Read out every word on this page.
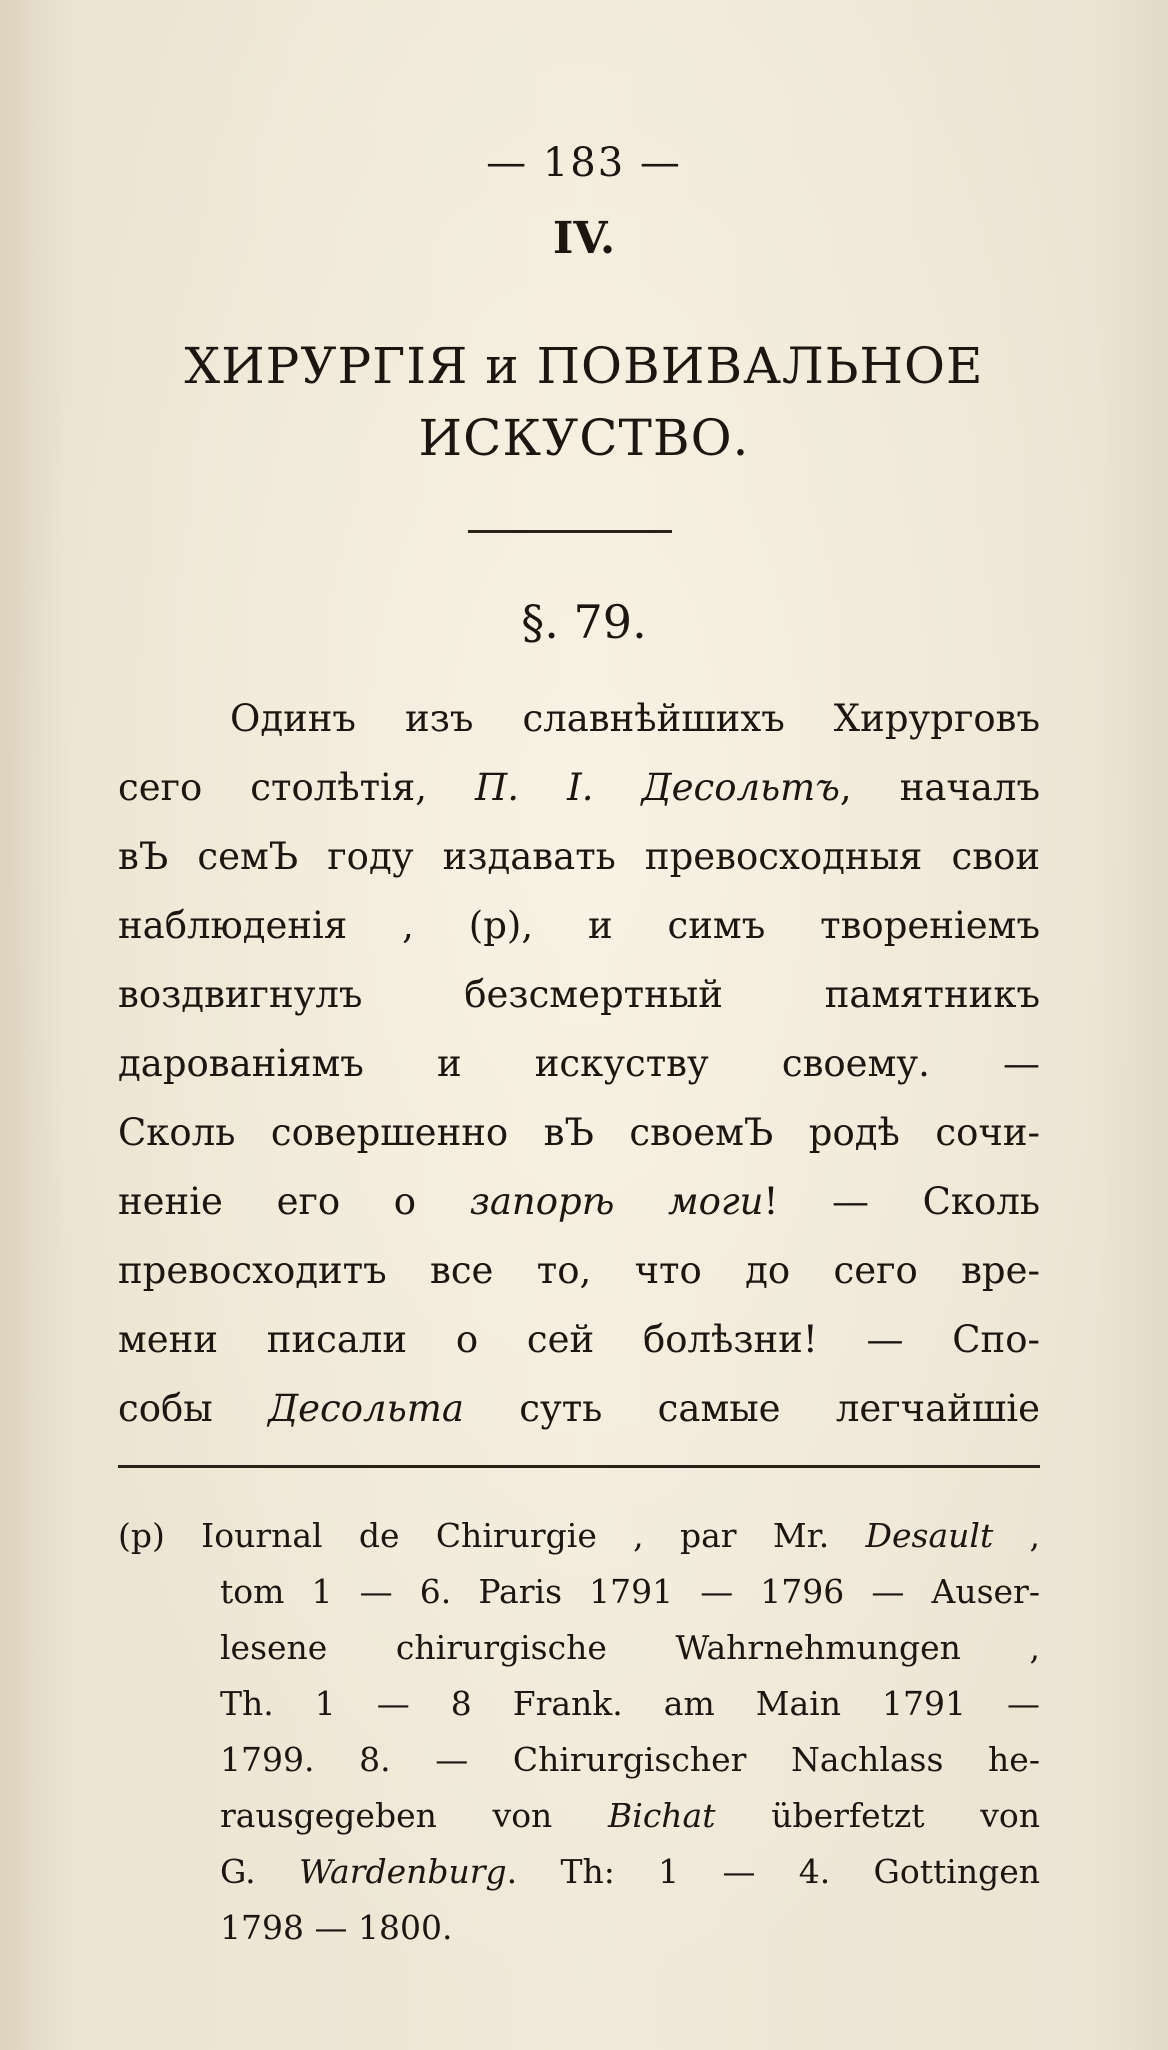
— 183 —
IV.
ХИРУРГІЯ и ПОВИВАЛЬНОЕ
ИСКУСТВО.
§. 79.
Одинъ изъ славнѣйшихъ Хирурговъ
сего столѣтія, П. І. Десольтъ, началъ
вЪ семЪ году издавать превосходныя свои
наблюденія , (р), и симъ твореніемъ
воздвигнулъ безсмертный памятникъ
дарованіямъ и искуству своему. —
Сколь совершенно вЪ своемЪ родѣ сочи-
неніе его о запорѣ моги! — Сколь
превосходитъ все то, что до сего вре-
мени писали о сей болѣзни! — Спо-
собы Десольта суть самые легчайшіе
(р) Iournal de Chirurgie , par Mr. Desault ,
tom 1 — 6. Paris 1791 — 1796 — Auser-
lesene chirurgische Wahrnehmungen ,
Th. 1 — 8 Frank. am Main 1791 —
1799. 8. — Chirurgischer Nachlass he-
rausgegeben von Bichat überfetzt von
G. Wardenburg. Th: 1 — 4. Gottingen
1798 — 1800.
